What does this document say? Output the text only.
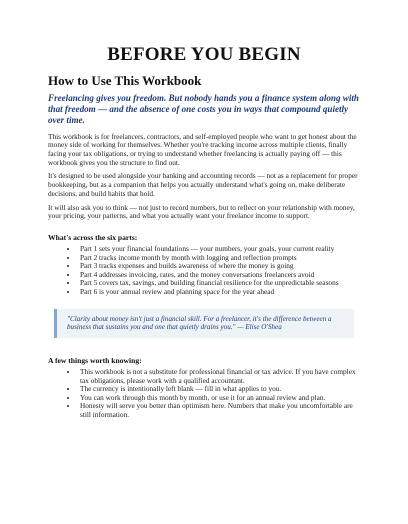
BEFORE YOU BEGIN
How to Use This Workbook

Freelancing gives you freedom. But nobody hands you a finance system along with that freedom — and the absence of one costs you in ways that compound quietly over time.

This workbook is for freelancers, contractors, and self-employed people who want to get honest about the money side of working for themselves. Whether you're tracking income across multiple clients, finally facing your tax obligations, or trying to understand whether freelancing is actually paying off — this workbook gives you the structure to find out.

It's designed to be used alongside your banking and accounting records — not as a replacement for proper bookkeeping, but as a companion that helps you actually understand what's going on, make deliberate decisions, and build habits that hold.

It will also ask you to think — not just to record numbers, but to reflect on your relationship with money, your pricing, your patterns, and what you actually want your freelance income to support.

What's across the six parts:
• Part 1 sets your financial foundations — your numbers, your goals, your current reality
• Part 2 tracks income month by month with logging and reflection prompts
• Part 3 tracks expenses and builds awareness of where the money is going
• Part 4 addresses invoicing, rates, and the money conversations freelancers avoid
• Part 5 covers tax, savings, and building financial resilience for the unpredictable seasons
• Part 6 is your annual review and planning space for the year ahead
"Clarity about money isn't just a financial skill. For a freelancer, it's the difference between a business that sustains you and one that quietly drains you." — Elise O'Shea
A few things worth knowing:
• This workbook is not a substitute for professional financial or tax advice. If you have complex tax obligations, please work with a qualified accountant.
• The currency is intentionally left blank — fill in what applies to you.
• You can work through this month by month, or use it for an annual review and plan.
• Honesty will serve you better than optimism here. Numbers that make you uncomfortable are still information.
